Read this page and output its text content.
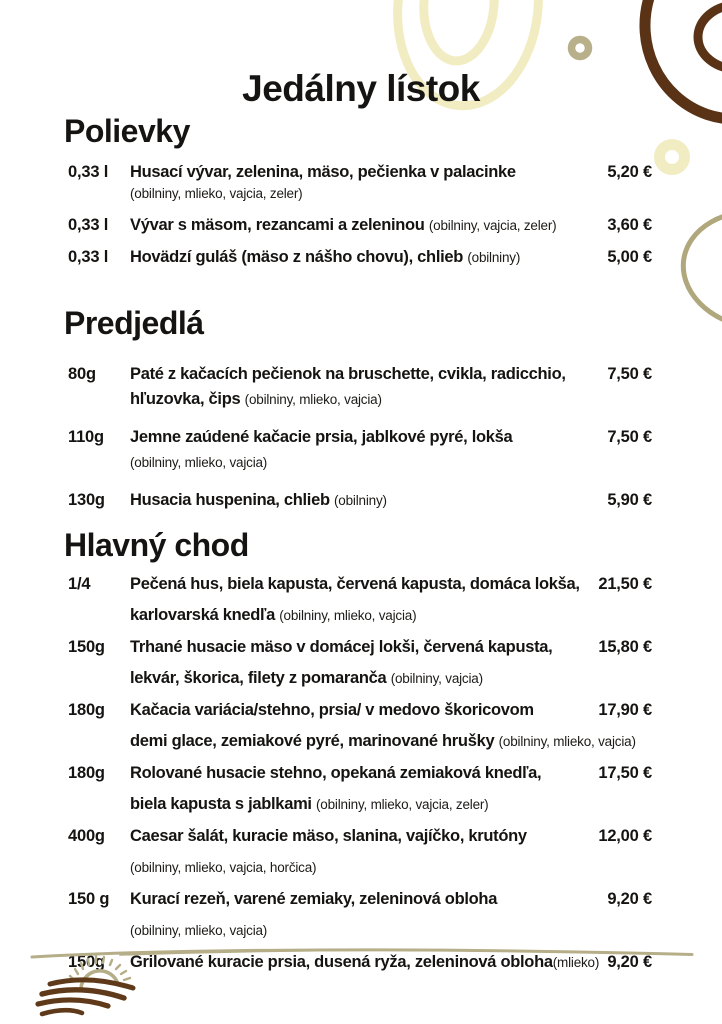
Jedálny lístok
Polievky
0,33 l	Husací vývar, zelenina, mäso, pečienka v palacinke
(obilniny, mlieko, vajcia, zeler)
5,20 €
0,33 l	Vývar s mäsom, rezancami a zeleninou (obilniny, vajcia, zeler)	3,60 €
0,33 l	Hovädzí guláš (mäso z nášho chovu), chlieb (obilniny)	5,00 €
Predjedlá
80g	Paté z kačacích pečienok na bruschette, cvikla, radicchio,
hľuzovka, čips (obilniny, mlieko, vajcia)
7,50 €
110g	Jemne zaúdené kačacie prsia, jablkové pyré, lokša
(obilniny, mlieko, vajcia)
7,50 €
130g	Husacia huspenina, chlieb (obilniny)	5,90 €
Hlavný chod
1/4	Pečená hus, biela kapusta, červená kapusta, domáca lokša,
karlovarská knedľa (obilniny, mlieko, vajcia)
21,50 €
150g	Trhané husacie mäso v domácej lokši, červená kapusta,
lekvár, škorica, filety z pomaranča (obilniny, vajcia)
15,80 €
180g	Kačacia variácia/stehno, prsia/ v medovo škoricovom
demi glace, zemiakové pyré, marinované hrušky (obilniny, mlieko, vajcia)
17,90 €
180g	Rolované husacie stehno, opekaná zemiaková knedľa,
biela kapusta s jablkami (obilniny, mlieko, vajcia, zeler)
17,50 €
400g	Caesar šalát, kuracie mäso, slanina, vajíčko, krutóny
(obilniny, mlieko, vajcia, horčica)
12,00 €
150 g	Kurací rezeň, varené zemiaky, zeleninová obloha
(obilniny, mlieko, vajcia)
9,20 €
150g	Grilované kuracie prsia, dusená ryža, zeleninová obloha(mlieko) 9,20 €
